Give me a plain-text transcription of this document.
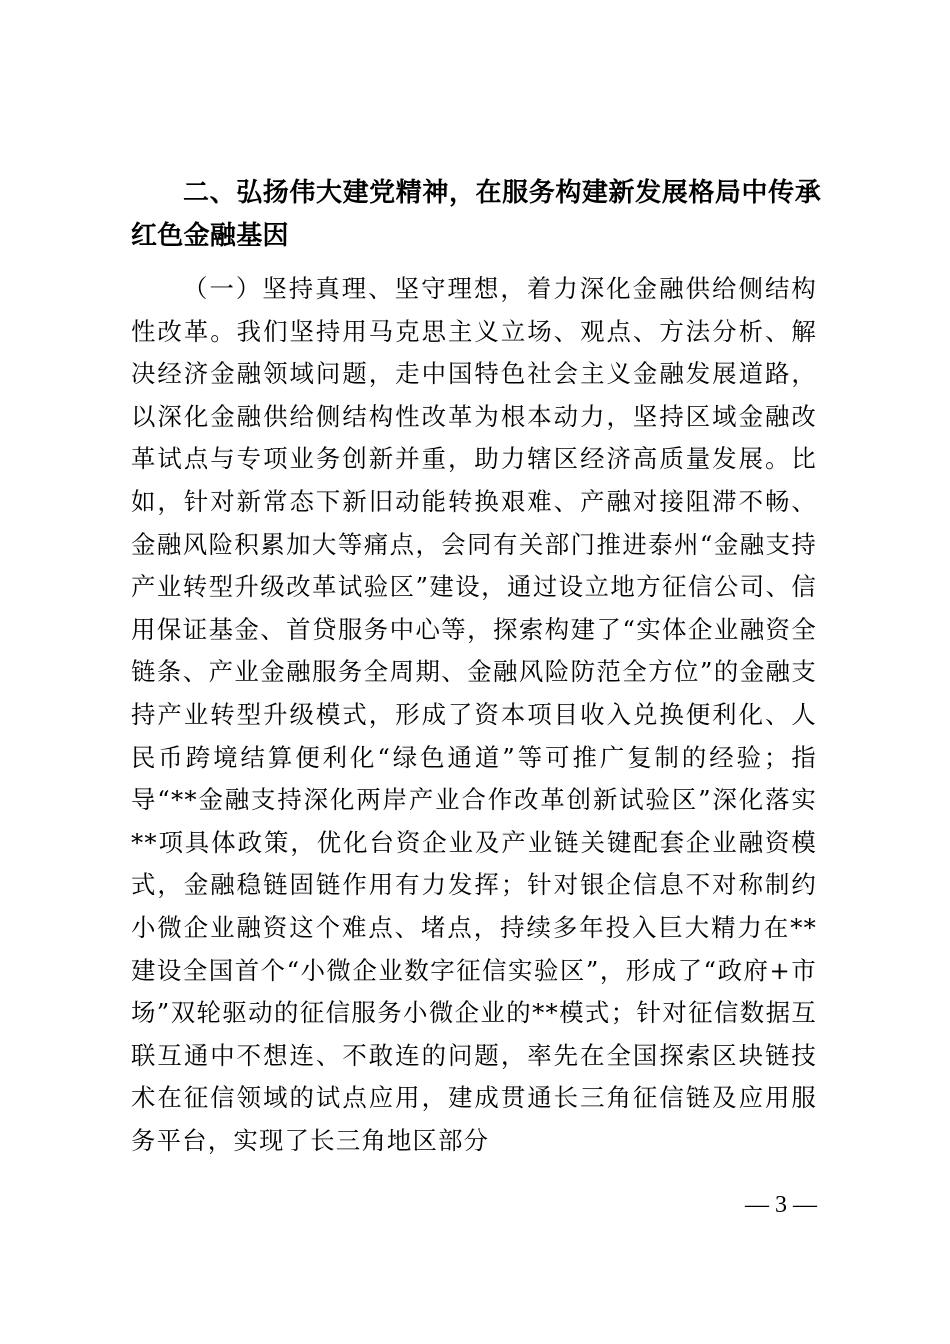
二、弘扬伟大建党精神，在服务构建新发展格局中传承红色金融基因

（一）坚持真理、坚守理想，着力深化金融供给侧结构性改革。我们坚持用马克思主义立场、观点、方法分析、解决经济金融领域问题，走中国特色社会主义金融发展道路，以深化金融供给侧结构性改革为根本动力，坚持区域金融改革试点与专项业务创新并重，助力辖区经济高质量发展。比如，针对新常态下新旧动能转换艰难、产融对接阻滞不畅、金融风险积累加大等痛点，会同有关部门推进泰州“金融支持产业转型升级改革试验区”建设，通过设立地方征信公司、信用保证基金、首贷服务中心等，探索构建了“实体企业融资全链条、产业金融服务全周期、金融风险防范全方位”的金融支持产业转型升级模式，形成了资本项目收入兑换便利化、人民币跨境结算便利化“绿色通道”等可推广复制的经验；指导“**金融支持深化两岸产业合作改革创新试验区”深化落实**项具体政策，优化台资企业及产业链关键配套企业融资模式，金融稳链固链作用有力发挥；针对银企信息不对称制约小微企业融资这个难点、堵点，持续多年投入巨大精力在**建设全国首个“小微企业数字征信实验区”，形成了“政府+市场”双轮驱动的征信服务小微企业的**模式；针对征信数据互联互通中不想连、不敢连的问题，率先在全国探索区块链技术在征信领域的试点应用，建成贯通长三角征信链及应用服务平台，实现了长三角地区部分

— 3 —
